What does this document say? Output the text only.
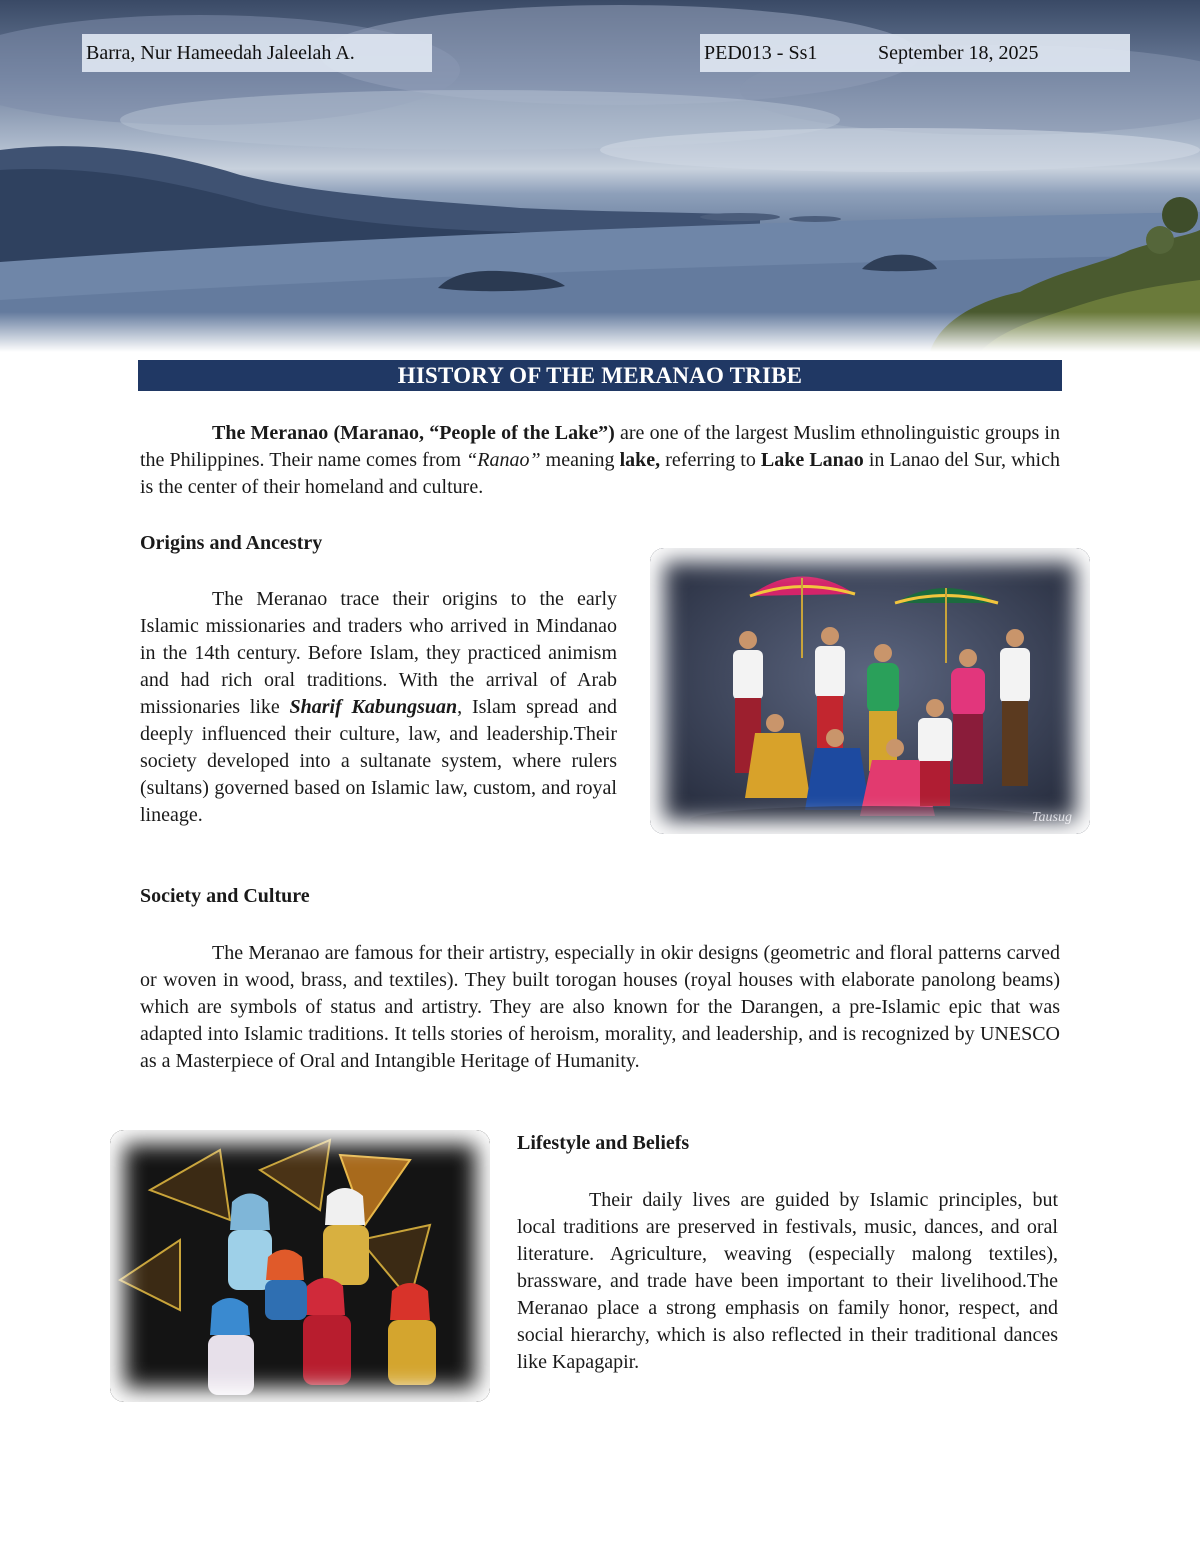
Barra, Nur Hameedah Jaleelah A.	PED013 - Ss1	September 18, 2025
HISTORY OF THE MERANAO TRIBE

The Meranao (Maranao, “People of the Lake”) are one of the largest Muslim ethnolinguistic groups in the Philippines. Their name comes from “Ranao” meaning lake, referring to Lake Lanao in Lanao del Sur, which is the center of their homeland and culture.

Origins and Ancestry

The Meranao trace their origins to the early Islamic missionaries and traders who arrived in Mindanao in the 14th century. Before Islam, they practiced animism and had rich oral traditions. With the arrival of Arab missionaries like Sharif Kabungsuan, Islam spread and deeply influenced their culture, law, and leadership.Their society developed into a sultanate system, where rulers (sultans) governed based on Islamic law, custom, and royal lineage.	Tausug
Society and Culture

The Meranao are famous for their artistry, especially in okir designs (geometric and floral patterns carved or woven in wood, brass, and textiles). They built torogan houses (royal houses with elaborate panolong beams) which are symbols of status and artistry. They are also known for the Darangen, a pre-Islamic epic that was adapted into Islamic traditions. It tells stories of heroism, morality, and leadership, and is recognized by UNESCO as a Masterpiece of Oral and Intangible Heritage of Humanity.

Lifestyle and Beliefs

Their daily lives are guided by Islamic principles, but local traditions are preserved in festivals, music, dances, and oral literature. Agriculture, weaving (especially malong textiles), brassware, and trade have been important to their livelihood.The Meranao place a strong emphasis on family honor, respect, and social hierarchy, which is also reflected in their traditional dances like Kapagapir.
